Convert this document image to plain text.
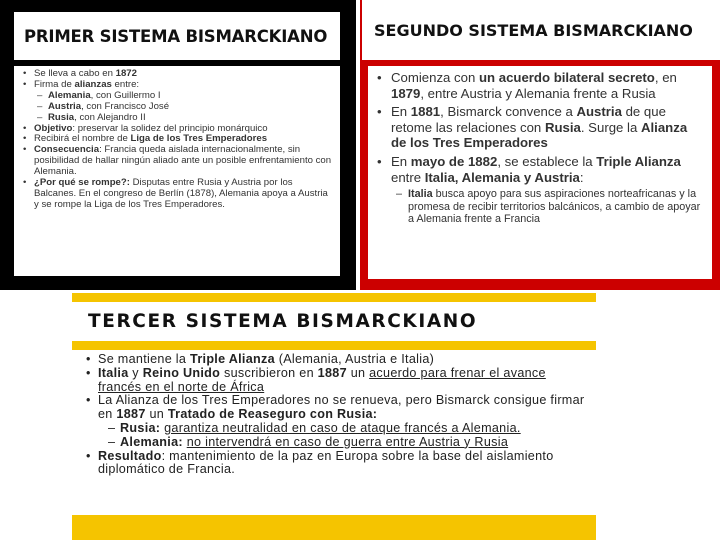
PRIMER SISTEMA BISMARCKIANO
• Se lleva a cabo en 1872
• Firma de alianzas entre:
– Alemania, con Guillermo I
– Austria, con Francisco José
– Rusia, con Alejandro II
• Objetivo: preservar la solidez del principio monárquico
• Recibirá el nombre de Liga de los Tres Emperadores
• Consecuencia: Francia queda aislada internacionalmente, sin posibilidad de hallar ningún aliado ante un posible enfrentamiento con Alemania.
• ¿Por qué se rompe?: Disputas entre Rusia y Austria por los Balcanes. En el congreso de Berlín (1878), Alemania apoya a Austria y se rompe la Liga de los Tres Emperadores.
SEGUNDO SISTEMA BISMARCKIANO
• Comienza con un acuerdo bilateral secreto, en 1879, entre Austria y Alemania frente a Rusia
• En 1881, Bismarck convence a Austria de que retome las relaciones con Rusia. Surge la Alianza de los Tres Emperadores
• En mayo de 1882, se establece la Triple Alianza entre Italia, Alemania y Austria:
– Italia busca apoyo para sus aspiraciones norteafricanas y la promesa de recibir territorios balcánicos, a cambio de apoyar a Alemania frente a Francia
TERCER SISTEMA BISMARCKIANO
• Se mantiene la Triple Alianza (Alemania, Austria e Italia)
• Italia y Reino Unido suscribieron en 1887 un acuerdo para frenar el avance francés en el norte de África
• La Alianza de los Tres Emperadores no se renueva, pero Bismarck consigue firmar en 1887 un Tratado de Reaseguro con Rusia:
– Rusia: garantiza neutralidad en caso de ataque francés a Alemania.
– Alemania: no intervendrá en caso de guerra entre Austria y Rusia
• Resultado: mantenimiento de la paz en Europa sobre la base del aislamiento diplomático de Francia.
